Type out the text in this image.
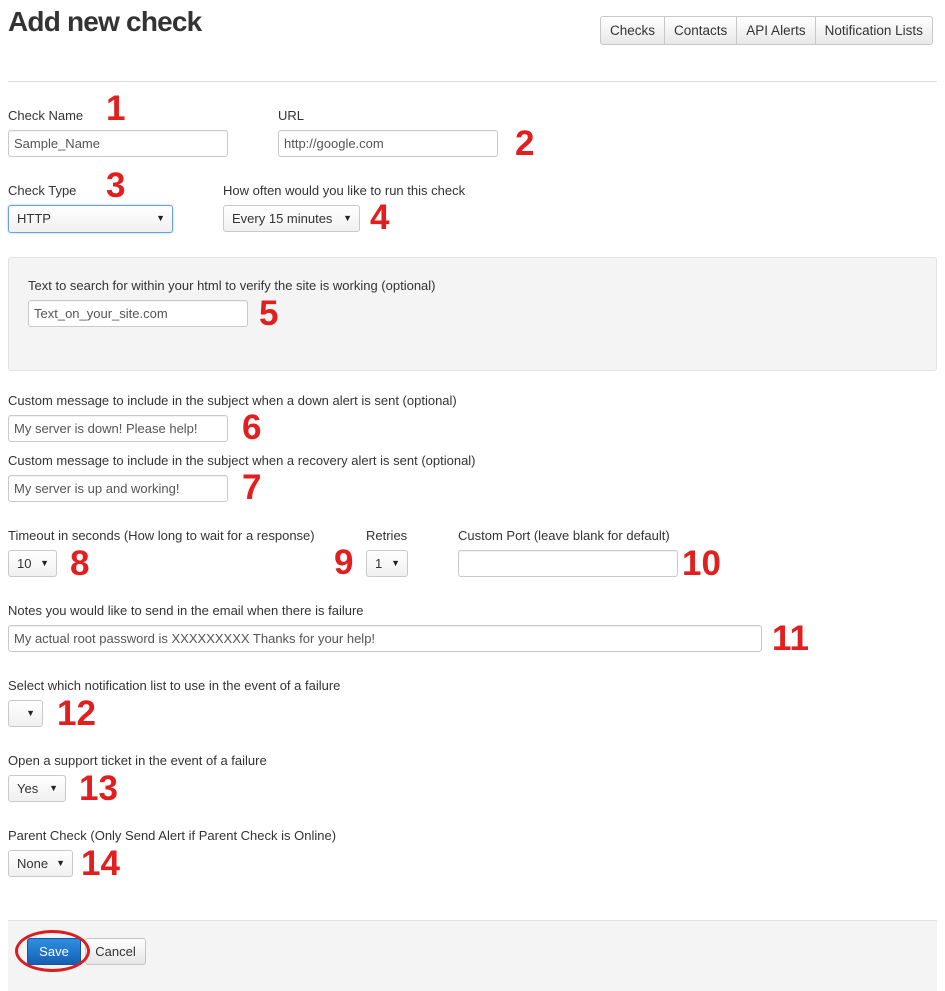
Add new check	Checks	Contacts	API Alerts	Notification Lists
Check Name 1
Sample_Name
URL
http://google.com	2
Check Type 3
HTTP	▼
How often would you like to run this check
Every 15 minutes ▼ 4
Text to search for within your html to verify the site is working (optional)
Text_on_your_site.com	5
Custom message to include in the subject when a down alert is sent (optional)
My server is down! Please help!	6
Custom message to include in the subject when a recovery alert is sent (optional)
My server is up and working!	7
Timeout in seconds (How long to wait for a response)
10 ▼ 8
Retries
9	1 ▼
Custom Port (leave blank for default)
10
Notes you would like to send in the email when there is failure
My actual root password is XXXXXXXXX Thanks for your help!	11
Select which notification list to use in the event of a failure
▼ 12
Open a support ticket in the event of a failure
Yes ▼ 13
Parent Check (Only Send Alert if Parent Check is Online)
None ▼ 14
Save	Cancel
